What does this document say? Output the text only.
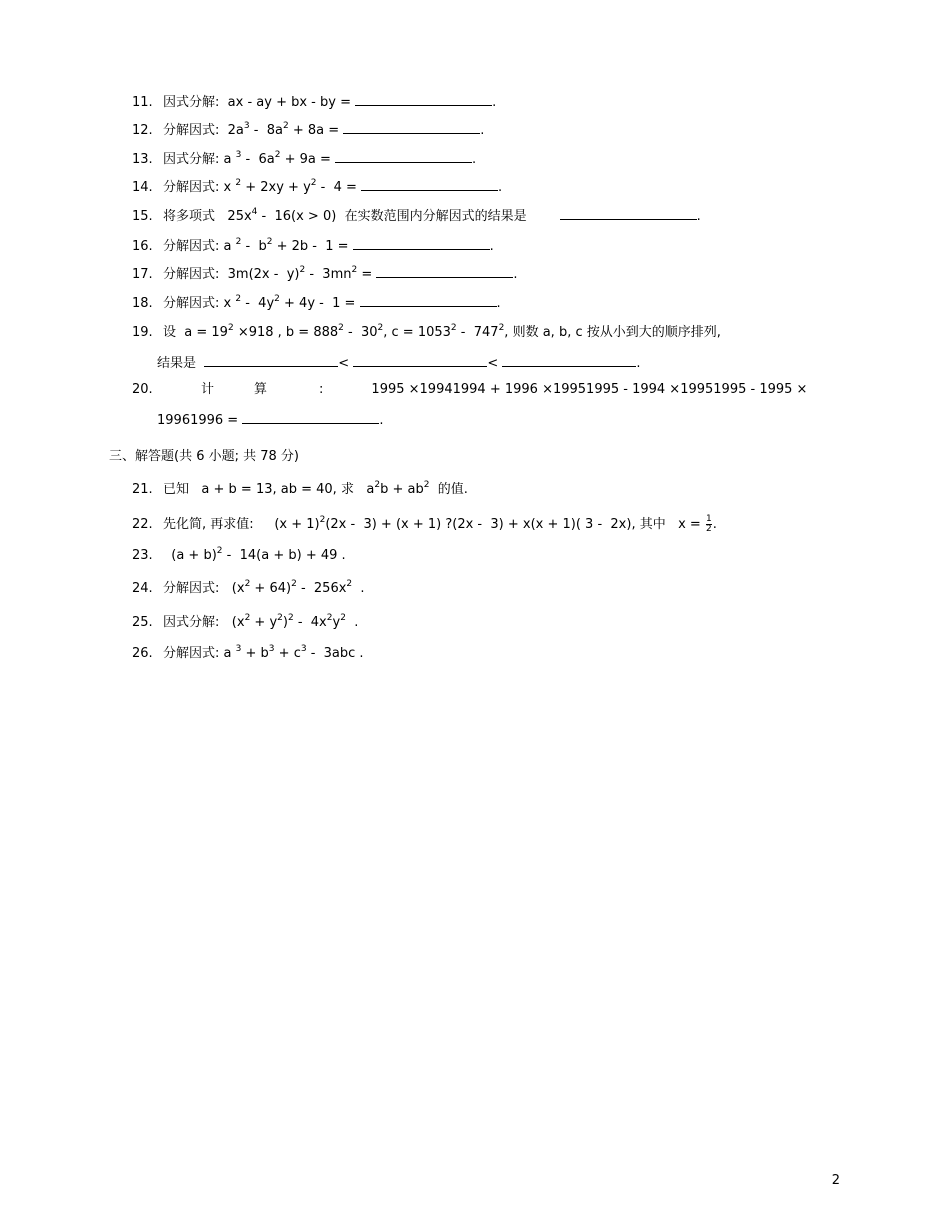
11. 因式分解: ax - ay + bx - by =	.
12. 分解因式: $2a^3 - 8a^2 + 8a$ =	.
13. 因式分解: a $^3 - 6a^2 + 9a$ =	.
14. 分解因式: x $^2 + 2xy + y^2 - 4$ =	.
15. 将多项式 $25x^4 - 16(x > 0)$ 在实数范围内分解因式的结果是	.
16. 分解因式: a $^2 - b^2 + 2b - 1$ =	.
17. 分解因式: $3m(2x - y)^2 - 3mn^2$ =	.
18. 分解因式: x $^2 - 4y^2 + 4y - 1$ =	.
19. 设 $a = 19^2 \times 918$ , $b = 888^2 - 30^2$, $c = 1053^2 - 747^2$, 则数 a, b, c 按从小到大的顺序排列,
结果是	<	<	.
20.	计	算	:	1995 ×19941994 + 1996 ×19951995 - 1994 ×19951995 - 1995 ×
19961996 =	.
三、解答题(共 6 小题; 共 78 分)
21. 已知 a + b = 13, ab = 40, 求 $a^2b + ab^2$ 的值.
22. 先化简, 再求值: $(x + 1)^2(2x - 3) + (x + 1)$ ?(2x -  3) + x(x + 1)( 3 -  2x), 其中 $x = \frac{1}{2}$ .
23. $(a + b)^2 - 14(a + b) + 49$ .
24. 分解因式: $(x^2 + 64)^2 - 256x^2$  .
25. 因式分解: $(x^2 + y^2)^2 - 4x^2y^2$  .
26. 分解因式: a $^3 + b^3 + c^3 - 3abc$ .
2
